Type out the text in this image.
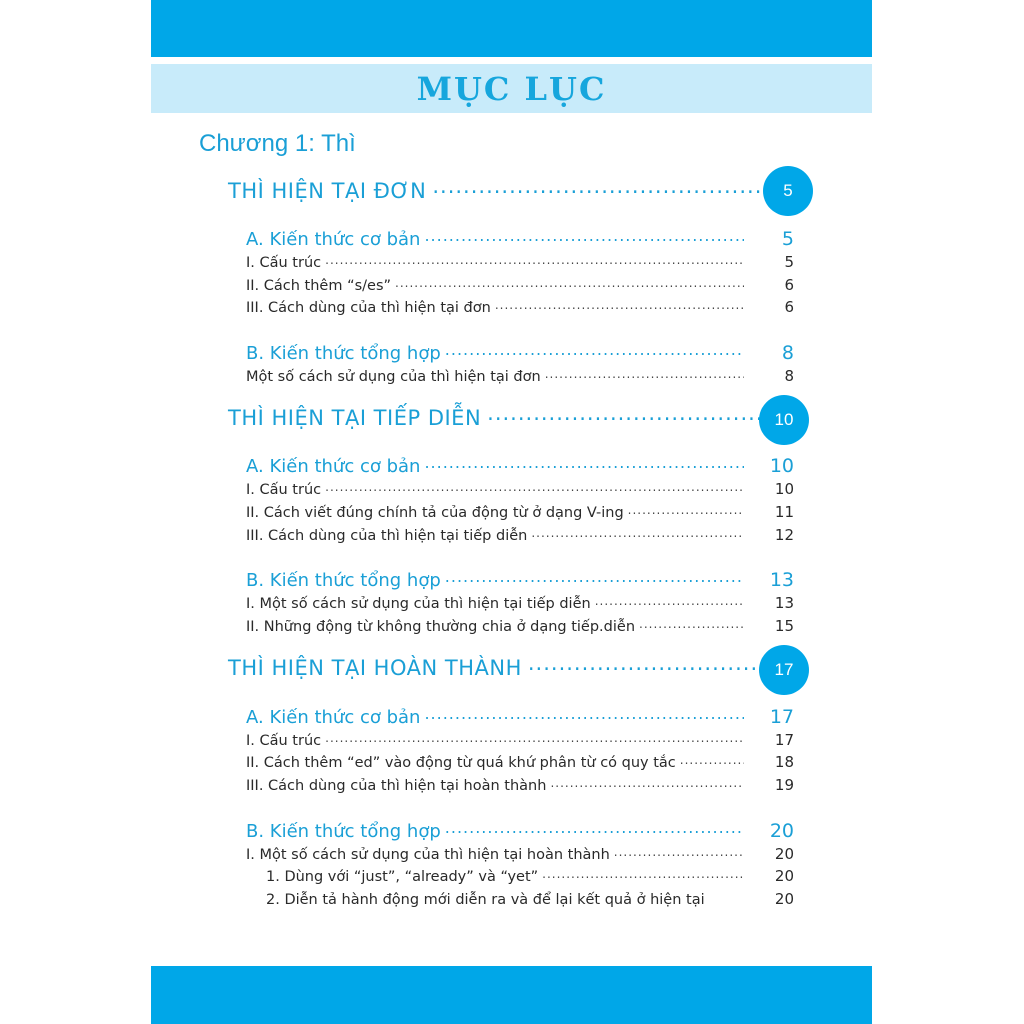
MỤC LỤC
Chương 1: Thì
THÌ HIỆN TẠI ĐƠN .....	5
A. Kiến thức cơ bản .....	5
I. Cấu trúc .....	5
II. Cách thêm “s/es” .....	6
III. Cách dùng của thì hiện tại đơn .....	6
B. Kiến thức tổng hợp .....	8
Một số cách sử dụng của thì hiện tại đơn .....	8
THÌ HIỆN TẠI TIẾP DIỄN .....	10
A. Kiến thức cơ bản .....	10
I. Cấu trúc .....	10
II. Cách viết đúng chính tả của động từ ở dạng V-ing .....	11
III. Cách dùng của thì hiện tại tiếp diễn .....	12
B. Kiến thức tổng hợp .....	13
I. Một số cách sử dụng của thì hiện tại tiếp diễn .....	13
II. Những động từ không thường chia ở dạng tiếp.diễn .....	15
THÌ HIỆN TẠI HOÀN THÀNH .....	17
A. Kiến thức cơ bản .....	17
I. Cấu trúc .....	17
II. Cách thêm “ed” vào động từ quá khứ phân từ có quy tắc .....	18
III. Cách dùng của thì hiện tại hoàn thành .....	19
B. Kiến thức tổng hợp .....	20
I. Một số cách sử dụng của thì hiện tại hoàn thành .....	20
1. Dùng với “just”, “already” và “yet” .....	20
2. Diễn tả hành động mới diễn ra và để lại kết quả ở hiện tại	20
